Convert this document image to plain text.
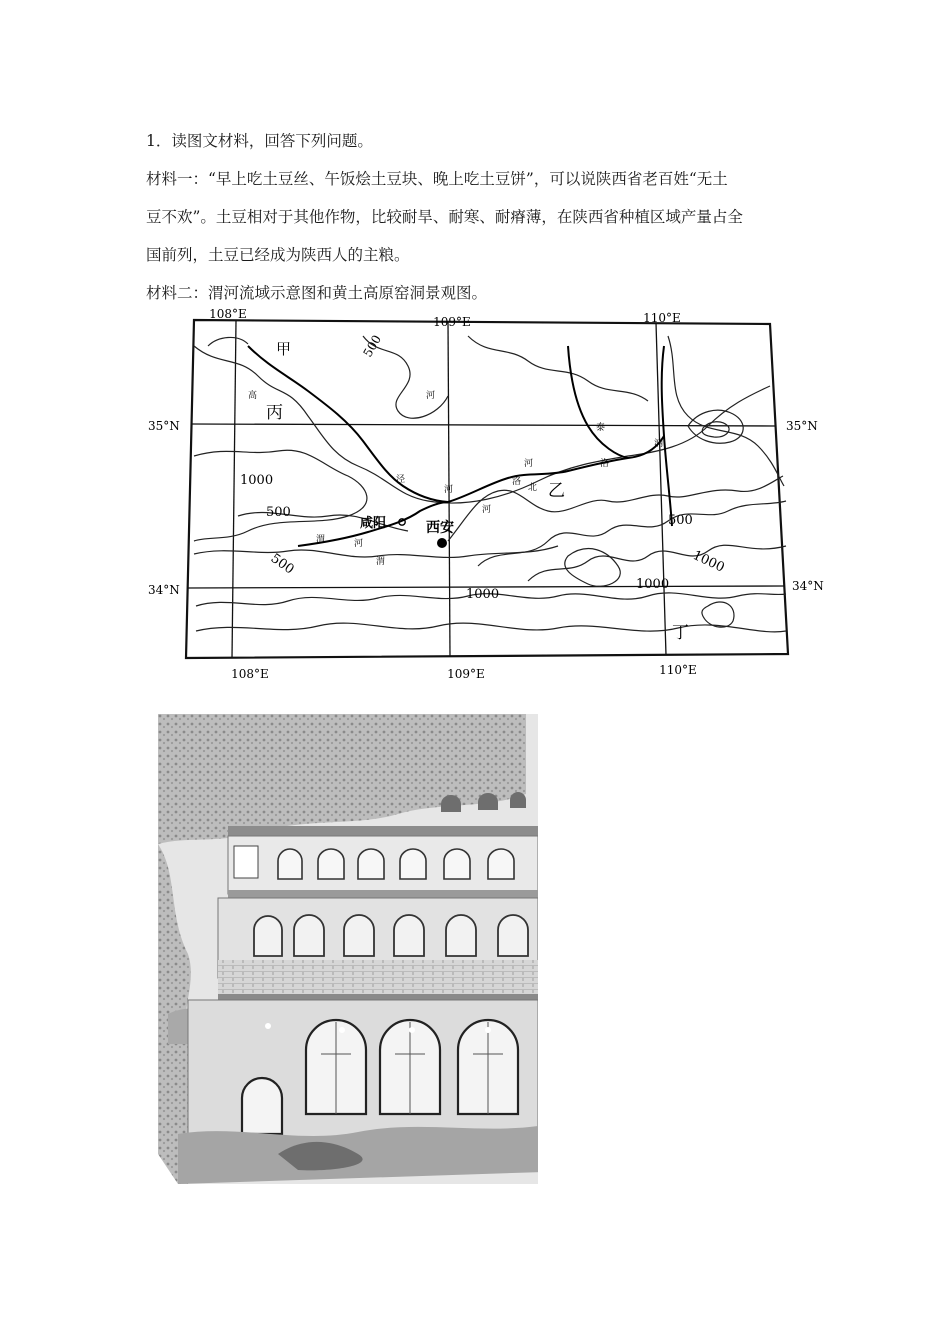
1．读图文材料，回答下列问题。
材料一：“早上吃土豆丝、午饭烩土豆块、晚上吃土豆饼”，可以说陕西省老百姓“无土
豆不欢”。土豆相对于其他作物，比较耐旱、耐寒、耐瘠薄，在陕西省种植区域产量占全
国前列，土豆已经成为陕西人的主粮。
材料二：渭河流域示意图和黄土高原窑洞景观图。
108°E
109°E	110°E
108°E	109°E	110°E
35°N
34°N
35°N
34°N
甲
乙
丙
丁
咸阳	西安
500
1000
500
500
1000
500
1000
1000
高
泾
河
渭	河
渭
河
洛
河
北
洛
河
泰
汭
